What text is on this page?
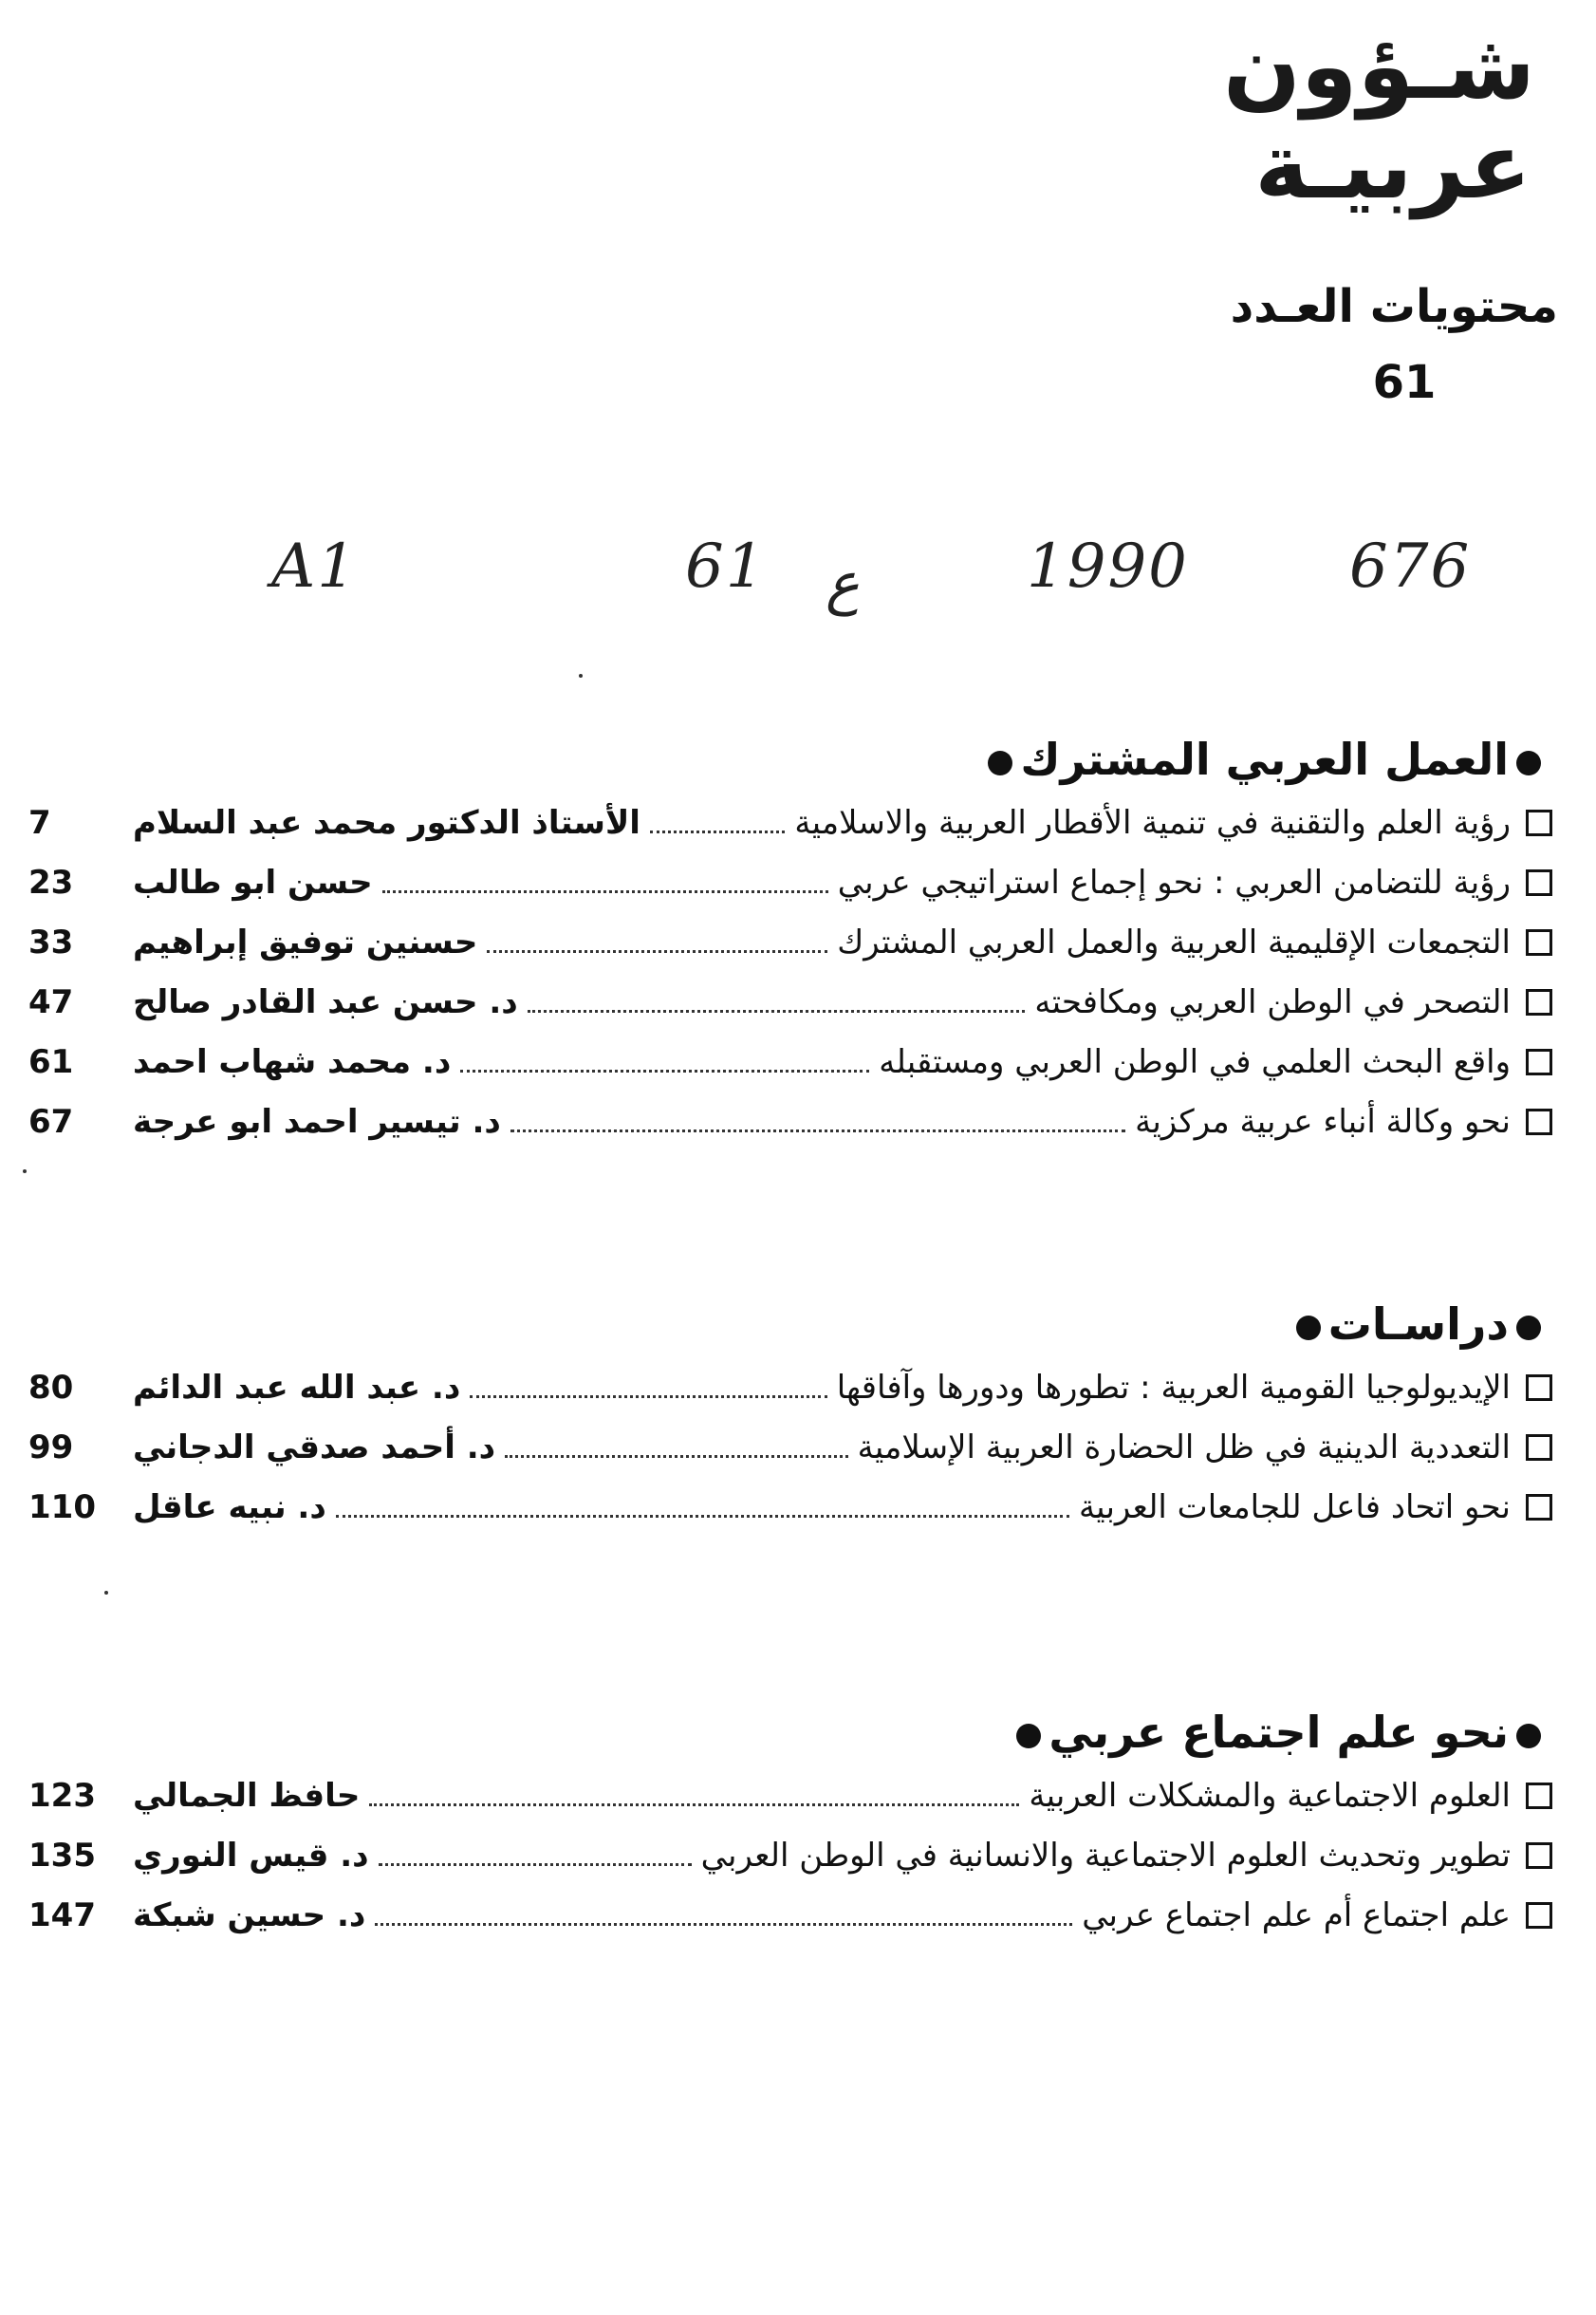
شـؤون
عربيـة
محتويات العـدد
61
A1	61 ع	1990	676
العمل العربي المشترك
رؤية العلم والتقنية في تنمية الأقطار العربية والاسلامية
الأستاذ الدكتور محمد عبد السلام
7
رؤية للتضامن العربي : نحو إجماع استراتيجي عربي
حسن ابو طالب
23
التجمعات الإقليمية العربية والعمل العربي المشترك
حسنين توفيق إبراهيم
33
التصحر في الوطن العربي ومكافحته
د. حسن عبد القادر صالح
47
واقع البحث العلمي في الوطن العربي ومستقبله
د. محمد شهاب احمد
61
نحو وكالة أنباء عربية مركزية
د. تيسير احمد ابو عرجة
67
دراسـات
الإيديولوجيا القومية العربية : تطورها ودورها وآفاقها
د. عبد الله عبد الدائم
80
التعددية الدينية في ظل الحضارة العربية الإسلامية
د. أحمد صدقي الدجاني
99
نحو اتحاد فاعل للجامعات العربية
د. نبيه عاقل
110
نحو علم اجتماع عربي
العلوم الاجتماعية والمشكلات العربية
حافظ الجمالي
123
تطوير وتحديث العلوم الاجتماعية والانسانية في الوطن العربي
د. قيس النوري
135
علم اجتماع أم علم اجتماع عربي
د. حسين شبكة
147
